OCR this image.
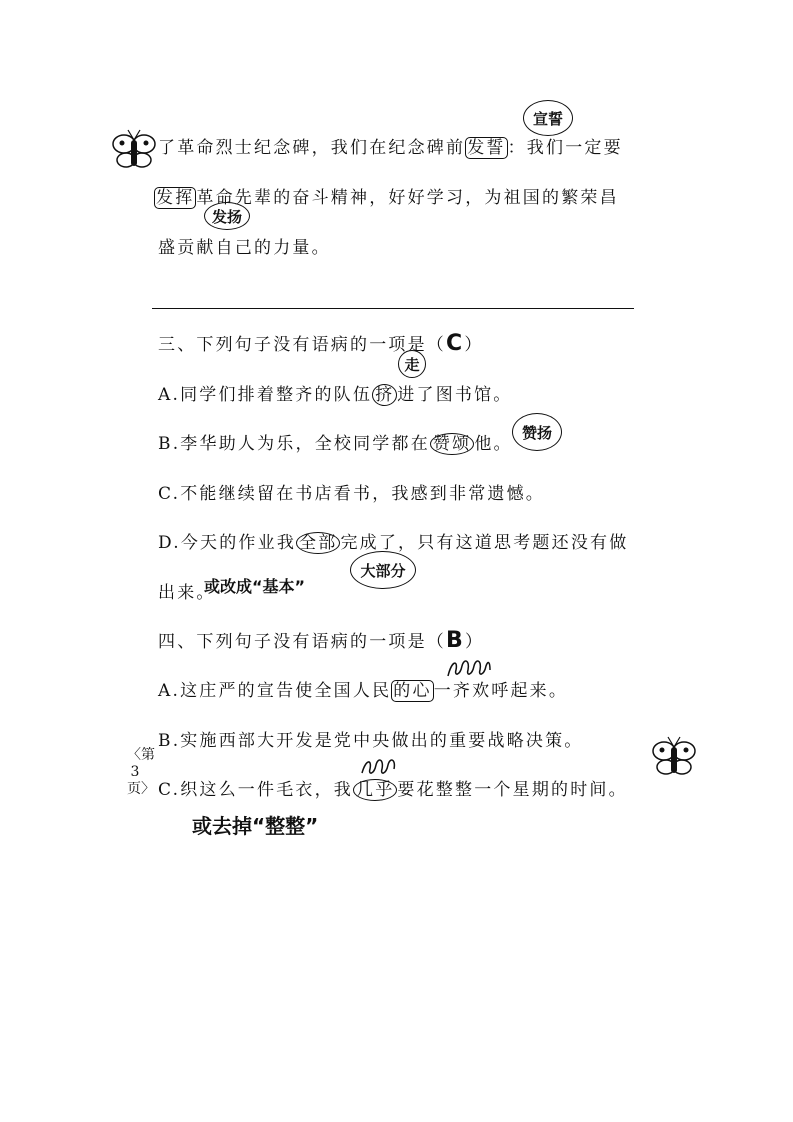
了革命烈士纪念碑，我们在纪念碑前 发誓 ：我们一定要
宣誓
发挥 革命先辈的奋斗精神，好好学习，为祖国的繁荣昌
发扬
盛贡献自己的力量。
三、下列句子没有语病的一项是（C）
A.同学们排着整齐的队伍 挤 进了图书馆。
走
B.李华助人为乐，全校同学都在 赞颂 他。
赞扬
C.不能继续留在书店看书，我感到非常遗憾。
D.今天的作业我 全部 完成了，只有这道思考题还没有做
大部分
出来。
或改成“基本”
四、下列句子没有语病的一项是（B）
A.这庄严的宣告使全国人民 的心 一齐欢呼起来。
B.实施西部大开发是党中央做出的重要战略决策。
〈第3页〉 C.织这么一件毛衣，我 几乎 要花整整一个星期的时间。
或去掉“整整”
